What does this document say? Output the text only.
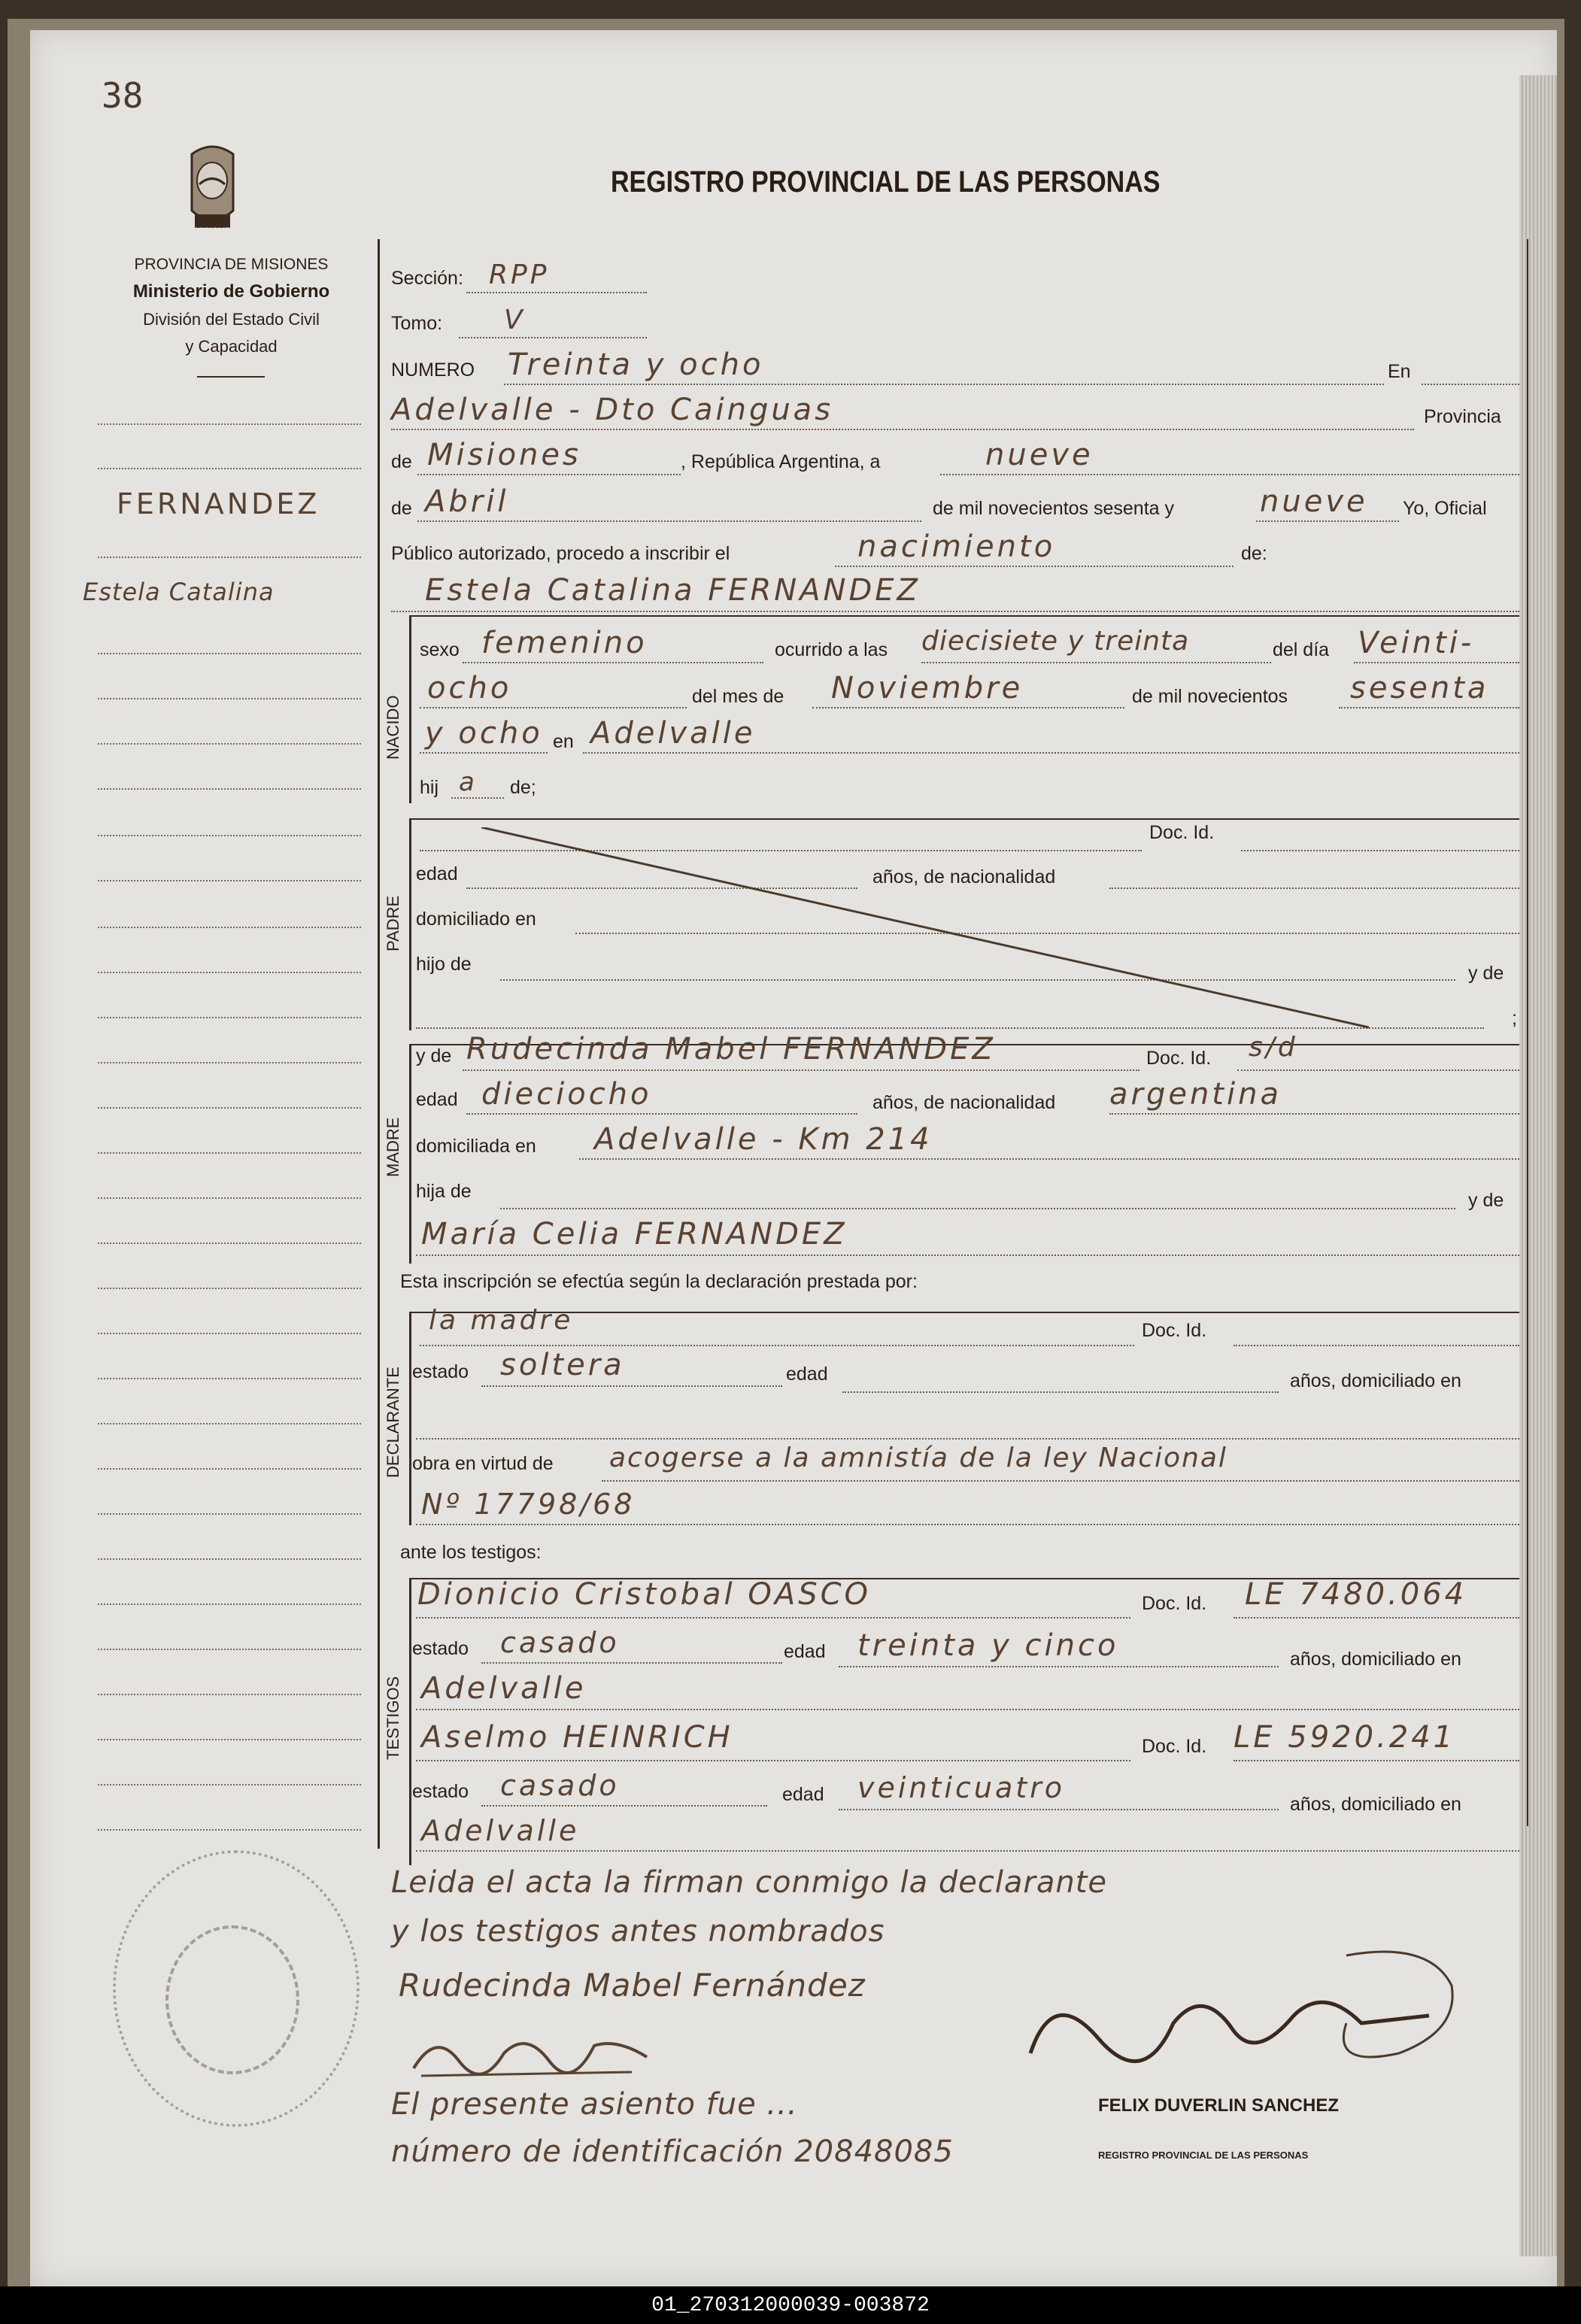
38
MISIONES
PROVINCIA DE MISIONES
Ministerio de Gobierno
División del Estado Civil
y Capacidad
REGISTRO PROVINCIAL DE LAS PERSONAS
FERNANDEZ
Estela Catalina
Sección: RPP
Tomo: V
NUMERO Treinta y ocho	En
Adelvalle - Dto Cainguas	Provincia
de Misiones	, República Argentina, a	nueve
de Abril	de mil novecientos sesenta y	nueve Yo, Oficial
Público autorizado, procedo a inscribir el	nacimiento	de:
Estela Catalina FERNANDEZ
NACIDO
sexo femenino	ocurrido a las diecisiete y treinta	del día Veinti-
ocho	del mes de Noviembre	de mil novecientos sesenta
y ocho en Adelvalle
hij a de;
PADRE
Doc. Id.
edad	años, de nacionalidad
domiciliado en
hijo de	y de
;
MADRE
y de Rudecinda Mabel FERNANDEZ	Doc. Id. s/d
edad dieciocho	años, de nacionalidad argentina
domiciliada en Adelvalle - Km 214
hija de	y de
María Celia FERNANDEZ
Esta inscripción se efectúa según la declaración prestada por:
DECLARANTE
la madre	Doc. Id.
estado soltera	edad	años, domiciliado en
obra en virtud de acogerse a la amnistía de la ley Nacional
Nº 17798/68
ante los testigos:
TESTIGOS
Dionicio Cristobal OASCO	Doc. Id. LE 7480.064
estado casado	edad treinta y cinco	años, domiciliado en
Adelvalle
Aselmo HEINRICH	Doc. Id. LE 5920.241
estado casado	edad veinticuatro	años, domiciliado en
Adelvalle
Leida el acta la firman conmigo la declarante
y los testigos antes nombrados
Rudecinda Mabel Fernández
FELIX DUVERLIN SANCHEZ
REGISTRO PROVINCIAL DE LAS PERSONAS
El presente asiento fue ...
número de identificación 20848085
01_270312000039-003872
